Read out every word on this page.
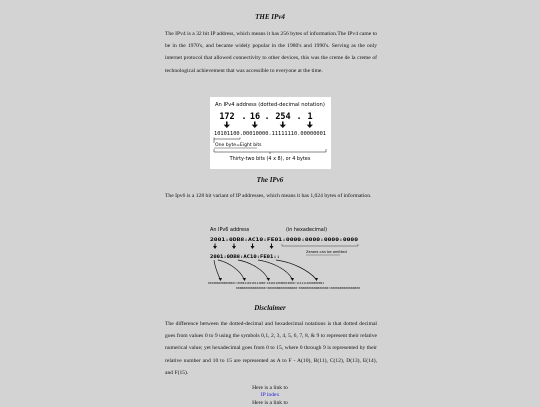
THE IPv4

The IPv4 is a 32 bit IP address, which means it has 256 bytes of information.The IPv4 came to be in the 1970's, and became widely popular in the 1980's and 1990's. Serving as the only internet protocol that allowed connectivity to other devices, this was the creme de la creme of technological achievement that was accessible to everyone at the time.

An IPv4 address (dotted-decimal notation)
172 . 16 . 254 . 1
10101100.00010000.11111110.00000001
One byte=Eight bits
Thirty-two bits (4 x 8), or 4 bytes
The IPv6

The Ipv6 is a 128 bit variant of IP addresses, which means it has 1,024 bytes of information.

An IPv6 address	(in hexadecimal)
2001:0DB8:AC10:FE01:0000:0000:0000:0000
Zeroes can be omitted
2001:0DB8:AC10:FE01::
0010000000000001:0000110110111000:1010110000010000:1111111000000001
0000000000000000:0000000000000000:0000000000000000:0000000000000000
Disclaimer

The difference between the dotted-decimal and hexadecimal notations is that dotted decimal goes from values 0 to 9 using the symbols 0,1, 2, 3, 4, 5, 6, 7, 8, & 9 to represent their relative numerical value; yet hexadecimal goes from 0 to 15, where 0 through 9 is represented by their relative number and 10 to 15 are represented as A to F - A(10), B(11), C(12), D(13), E(14), and F(15).

Here is a link to
IP index
Here is a link to
